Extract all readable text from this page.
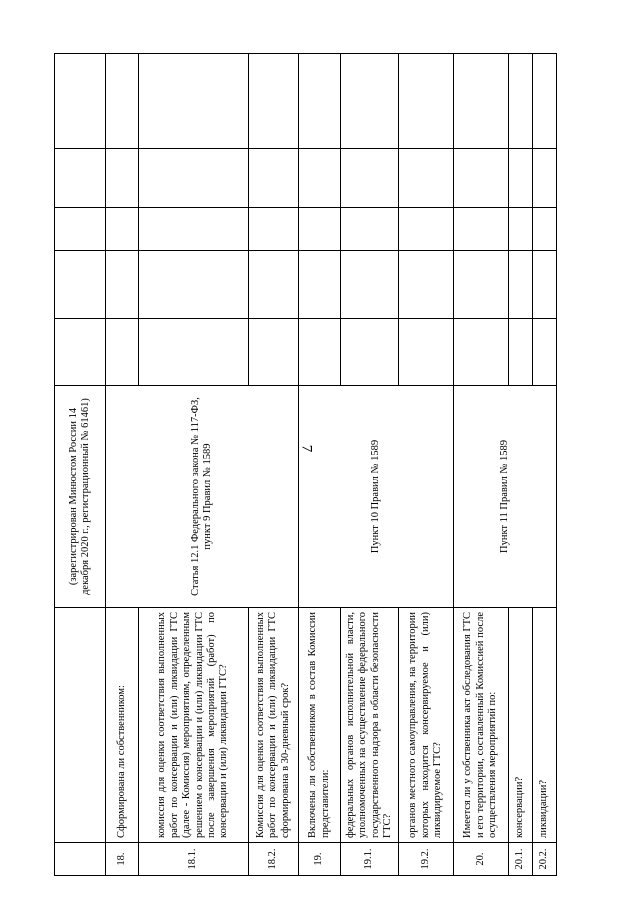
7
		(зарегистрирован Минюстом России 14 декабря 2020 г., регистрационный № 61461)					
18.	Сформирована ли собственником:	Статья 12.1 Федерального закона № 117-ФЗ, пункт 9 Правил № 1589					
18.1.	комиссия для оценки соответствия выполненных работ по консервации и (или) ликвидации ГТС (далее - Комиссия) мероприятиям, определенным решением о консервации и (или) ликвидации ГТС после завершения мероприятий (работ) по консервации и (или) ликвидации ГТС?						
18.2.	Комиссия для оценки соответствия выполненных работ по консервации и (или) ликвидации ГТС сформирована в 30-дневный срок?						
19.	Включены ли собственником в состав Комиссии представители:	Пункт 10 Правил № 1589					
19.1.	федеральных органов исполнительной власти, уполномоченных на осуществление федерального государственного надзора в области безопасности ГТС?						
19.2.	органов местного самоуправления, на территории которых находится консервируемое и (или) ликвидируемое ГТС?						
20.	Имеется ли у собственника акт обследования ГТС и его территории, составленный Комиссией после осуществления мероприятий по:	Пункт 11 Правил № 1589					
20.1.	консервации?						
20.2.	ликвидации?						
